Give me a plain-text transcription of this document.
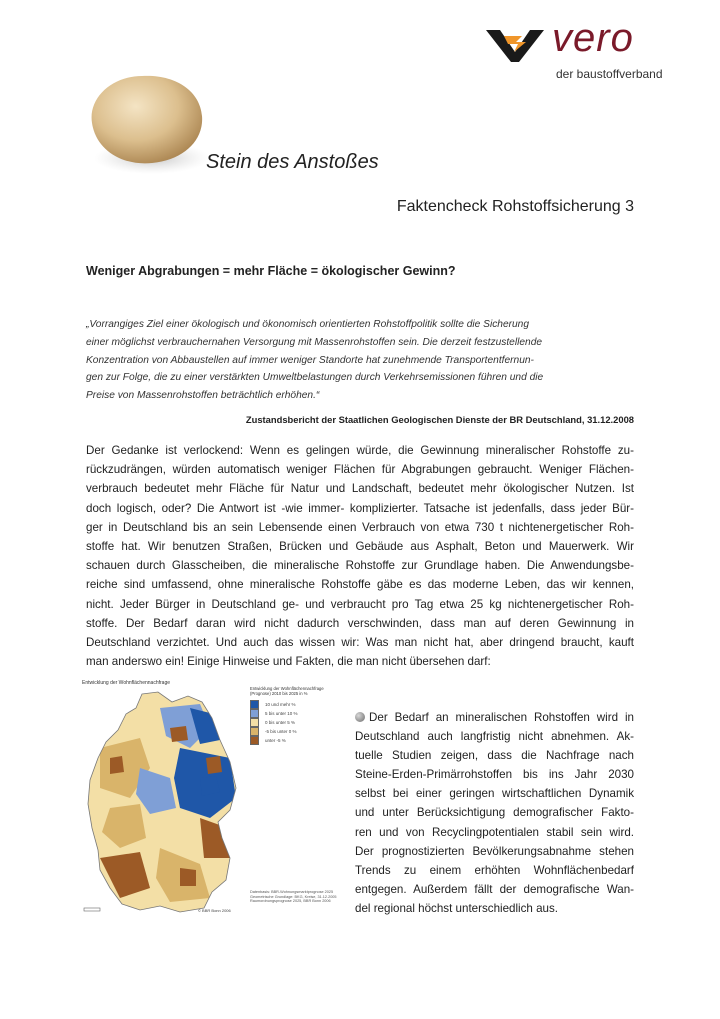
vero
der baustoffverband
Stein des Anstoßes
Faktencheck Rohstoffsicherung 3
Weniger Abgrabungen = mehr Fläche = ökologischer Gewinn?

„Vorrangiges Ziel einer ökologisch und ökonomisch orientierten Rohstoffpolitik sollte die Sicherung

einer möglichst verbrauchernahen Versorgung mit Massenrohstoffen sein. Die derzeit festzustellende

Konzentration von Abbaustellen auf immer weniger Standorte hat zunehmende Transportentfernun-

gen zur Folge, die zu einer verstärkten Umweltbelastungen durch Verkehrsemissionen führen und die

Preise von Massenrohstoffen beträchtlich erhöhen.“

Zustandsbericht der Staatlichen Geologischen Dienste der BR Deutschland, 31.12.2008

Der Gedanke ist verlockend: Wenn es gelingen würde, die Gewinnung mineralischer Rohstoffe zu-

rückzudrängen, würden automatisch weniger Flächen für Abgrabungen gebraucht. Weniger Flächen-

verbrauch bedeutet mehr Fläche für Natur und Landschaft, bedeutet mehr ökologischer Nutzen. Ist

doch logisch, oder? Die Antwort ist -wie immer- komplizierter. Tatsache ist jedenfalls, dass jeder Bür-

ger in Deutschland bis an sein Lebensende einen Verbrauch von etwa 730 t nichtenergetischer Roh-

stoffe hat. Wir benutzen Straßen, Brücken und Gebäude aus Asphalt, Beton und Mauerwerk. Wir

schauen durch Glasscheiben, die mineralische Rohstoffe zur Grundlage haben. Die Anwendungsbe-

reiche sind umfassend, ohne mineralische Rohstoffe gäbe es das moderne Leben, das wir kennen,

nicht. Jeder Bürger in Deutschland ge- und verbraucht pro Tag etwa 25 kg nichtenergetischer Roh-

stoffe. Der Bedarf daran wird nicht dadurch verschwinden, dass man auf deren Gewinnung in

Deutschland verzichtet. Und auch das wissen wir: Was man nicht hat, aber dringend braucht, kauft

man anderswo ein! Einige Hinweise und Fakten, die man nicht übersehen darf:

Entwicklung der Wohnflächennachfrage
Entwicklung der Wohnflächennachfrage (Prognose) 2010 bis 2025 in %
10 und mehr %
5 bis unter 10 %
0 bis unter 5 %
-5 bis unter 0 %
unter -5 %
Datenbasis: BBR-Wohnungsmarktprognose 2025
Geometrische Grundlage: BKG, Kreise, 31.12.2005
Raumordnungsprognose 2025, BBR Bonn 2006
© BBR Bonn 2006

Der Bedarf an mineralischen Rohstoffen wird in

Deutschland auch langfristig nicht abnehmen. Ak-

tuelle Studien zeigen, dass die Nachfrage nach

Steine-Erden-Primärrohstoffen bis ins Jahr 2030

selbst bei einer geringen wirtschaftlichen Dynamik

und unter Berücksichtigung demografischer Fakto-

ren und von Recyclingpotentialen stabil sein wird.

Der prognostizierten Bevölkerungsabnahme stehen

Trends zu einem erhöhten Wohnflächenbedarf

entgegen. Außerdem fällt der demografische Wan-

del regional höchst unterschiedlich aus.
